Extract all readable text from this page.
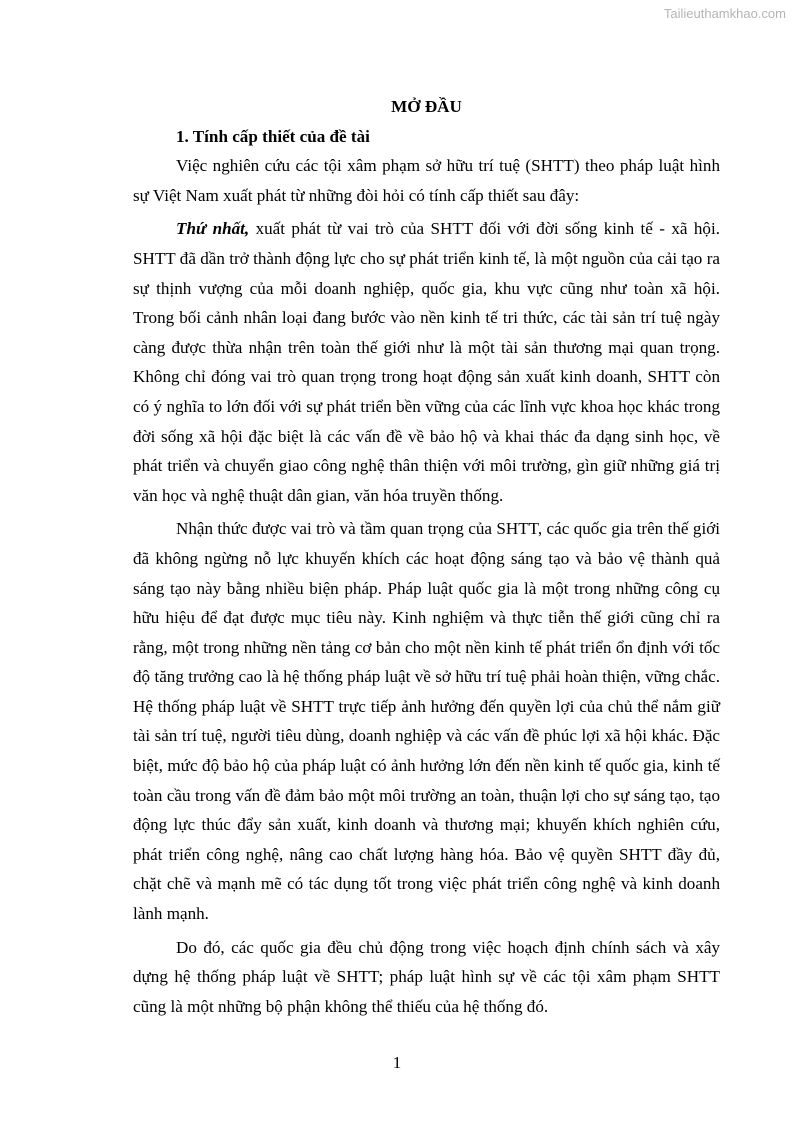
Tailieuthamkhao.com

MỞ ĐẦU

1. Tính cấp thiết của đề tài

Việc nghiên cứu các tội xâm phạm sở hữu trí tuệ (SHTT) theo pháp luật hình sự Việt Nam xuất phát từ những đòi hỏi có tính cấp thiết sau đây:

Thứ nhất, xuất phát từ vai trò của SHTT đối với đời sống kinh tế - xã hội. SHTT đã dần trở thành động lực cho sự phát triển kinh tế, là một nguồn của cải tạo ra sự thịnh vượng của mỗi doanh nghiệp, quốc gia, khu vực cũng như toàn xã hội. Trong bối cảnh nhân loại đang bước vào nền kinh tế tri thức, các tài sản trí tuệ ngày càng được thừa nhận trên toàn thế giới như là một tài sản thương mại quan trọng. Không chỉ đóng vai trò quan trọng trong hoạt động sản xuất kinh doanh, SHTT còn có ý nghĩa to lớn đối với sự phát triển bền vững của các lĩnh vực khoa học khác trong đời sống xã hội đặc biệt là các vấn đề về bảo hộ và khai thác đa dạng sinh học, về phát triển và chuyển giao công nghệ thân thiện với môi trường, gìn giữ những giá trị văn học và nghệ thuật dân gian, văn hóa truyền thống.

Nhận thức được vai trò và tầm quan trọng của SHTT, các quốc gia trên thế giới đã không ngừng nỗ lực khuyến khích các hoạt động sáng tạo và bảo vệ thành quả sáng tạo này bằng nhiều biện pháp. Pháp luật quốc gia là một trong những công cụ hữu hiệu để đạt được mục tiêu này. Kinh nghiệm và thực tiễn thế giới cũng chỉ ra rằng, một trong những nền tảng cơ bản cho một nền kinh tế phát triển ổn định với tốc độ tăng trưởng cao là hệ thống pháp luật về sở hữu trí tuệ phải hoàn thiện, vững chắc. Hệ thống pháp luật về SHTT trực tiếp ảnh hưởng đến quyền lợi của chủ thể nắm giữ tài sản trí tuệ, người tiêu dùng, doanh nghiệp và các vấn đề phúc lợi xã hội khác. Đặc biệt, mức độ bảo hộ của pháp luật có ảnh hưởng lớn đến nền kinh tế quốc gia, kinh tế toàn cầu trong vấn đề đảm bảo một môi trường an toàn, thuận lợi cho sự sáng tạo, tạo động lực thúc đẩy sản xuất, kinh doanh và thương mại; khuyến khích nghiên cứu, phát triển công nghệ, nâng cao chất lượng hàng hóa. Bảo vệ quyền SHTT đầy đủ, chặt chẽ và mạnh mẽ có tác dụng tốt trong việc phát triển công nghệ và kinh doanh lành mạnh.

Do đó, các quốc gia đều chủ động trong việc hoạch định chính sách và xây dựng hệ thống pháp luật về SHTT; pháp luật hình sự về các tội xâm phạm SHTT cũng là một những bộ phận không thể thiếu của hệ thống đó.

1
